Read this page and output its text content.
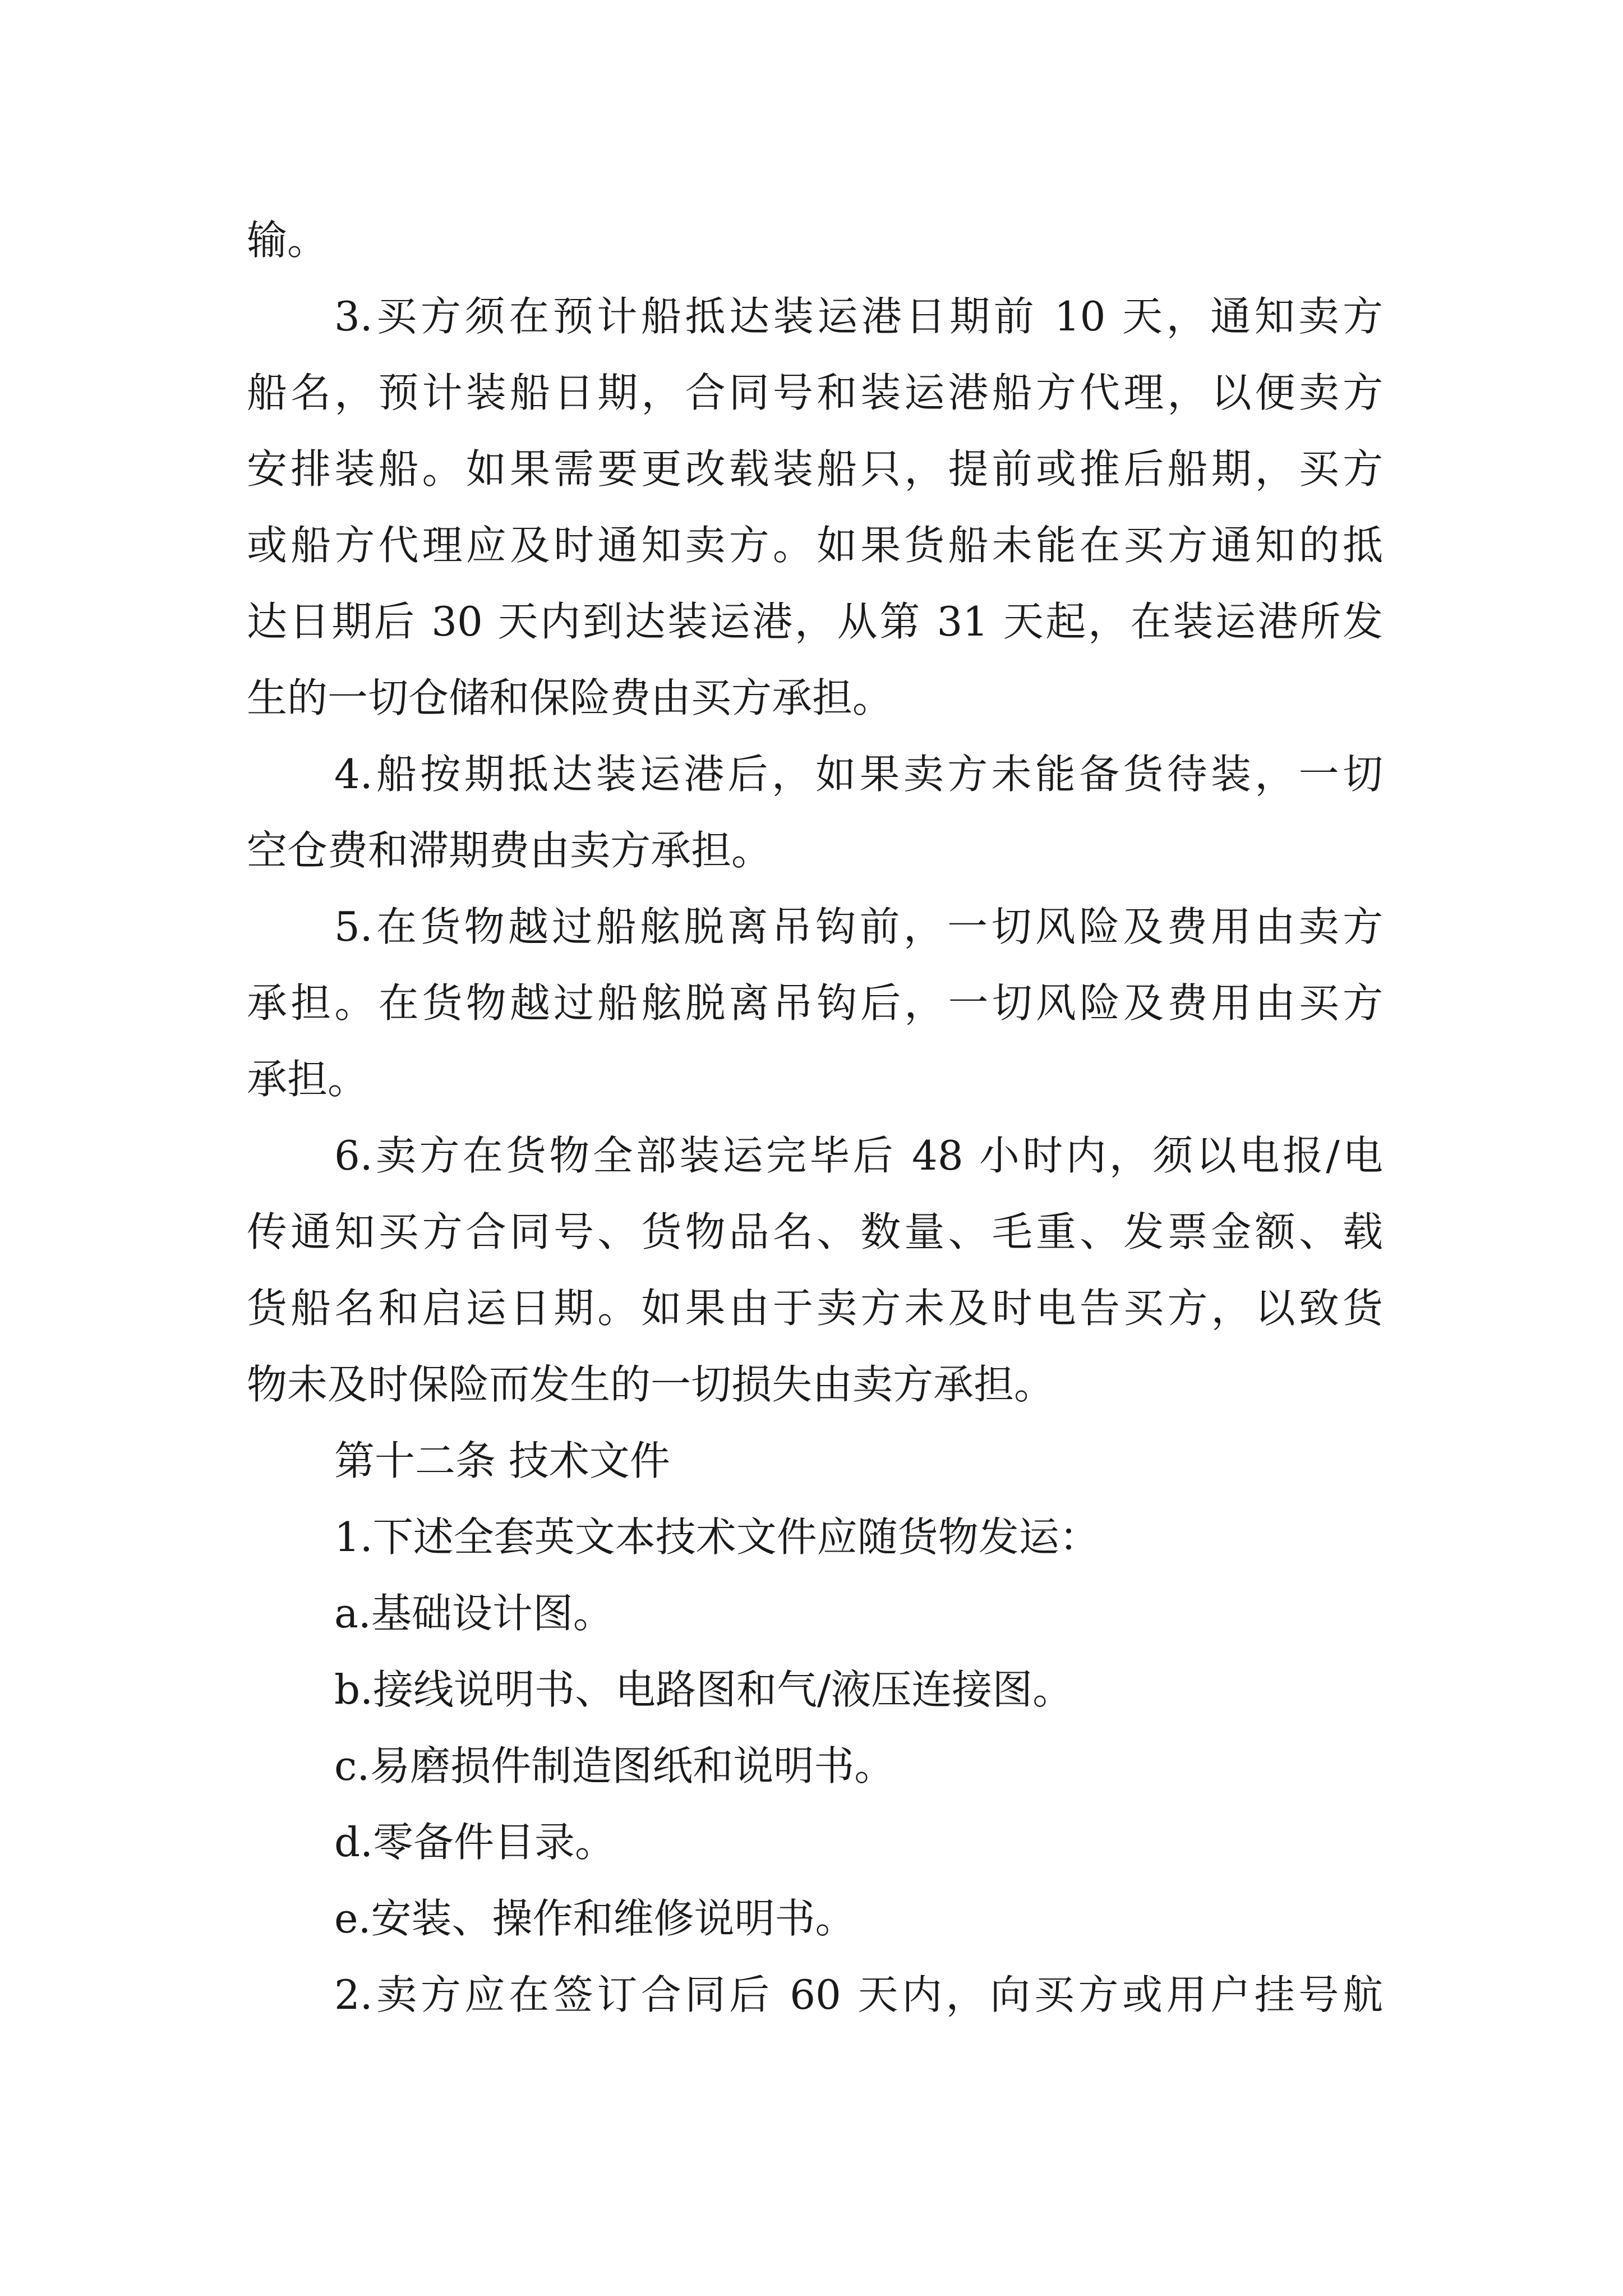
输。
3.买方须在预计船抵达装运港日期前 10 天，通知卖方
船名，预计装船日期，合同号和装运港船方代理，以便卖方
安排装船。如果需要更改载装船只，提前或推后船期，买方
或船方代理应及时通知卖方。如果货船未能在买方通知的抵
达日期后 30 天内到达装运港，从第 31 天起，在装运港所发
生的一切仓储和保险费由买方承担。
4.船按期抵达装运港后，如果卖方未能备货待装，一切
空仓费和滞期费由卖方承担。
5.在货物越过船舷脱离吊钩前，一切风险及费用由卖方
承担。在货物越过船舷脱离吊钩后，一切风险及费用由买方
承担。
6.卖方在货物全部装运完毕后 48 小时内，须以电报/电
传通知买方合同号、货物品名、数量、毛重、发票金额、载
货船名和启运日期。如果由于卖方未及时电告买方，以致货
物未及时保险而发生的一切损失由卖方承担。
第十二条 技术文件
1.下述全套英文本技术文件应随货物发运：
a.基础设计图。
b.接线说明书、电路图和气/液压连接图。
c.易磨损件制造图纸和说明书。
d.零备件目录。
e.安装、操作和维修说明书。
2.卖方应在签订合同后 60 天内，向买方或用户挂号航
